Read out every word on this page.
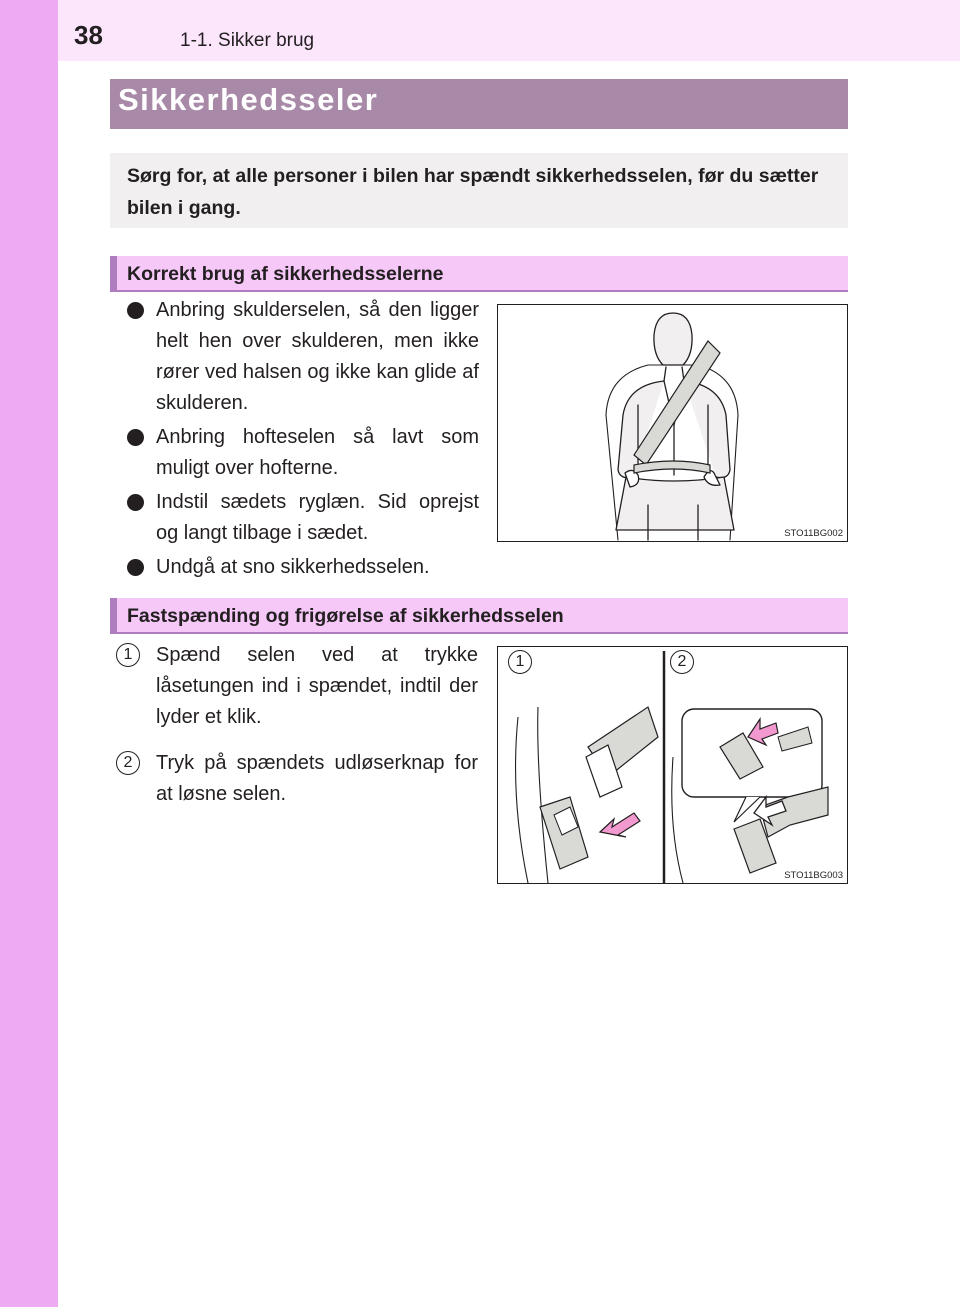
38	1-1. Sikker brug
Sikkerhedsseler
Sørg for, at alle personer i bilen har spændt sikkerhedsselen, før du sætter bilen i gang.
Korrekt brug af sikkerhedsselerne
Anbring skulderselen, så den ligger helt hen over skulderen, men ikke rører ved halsen og ikke kan glide af skulderen.
Anbring hofteselen så lavt som muligt over hofterne.
Indstil sædets ryglæn. Sid oprejst og langt tilbage i sædet.
Undgå at sno sikkerhedsselen.
STO11BG002
Fastspænding og frigørelse af sikkerhedsselen
1	Spænd selen ved at trykke låsetungen ind i spændet, indtil der lyder et klik.
2	Tryk på spændets udløserknap for at løsne selen.
1	2
STO11BG003
